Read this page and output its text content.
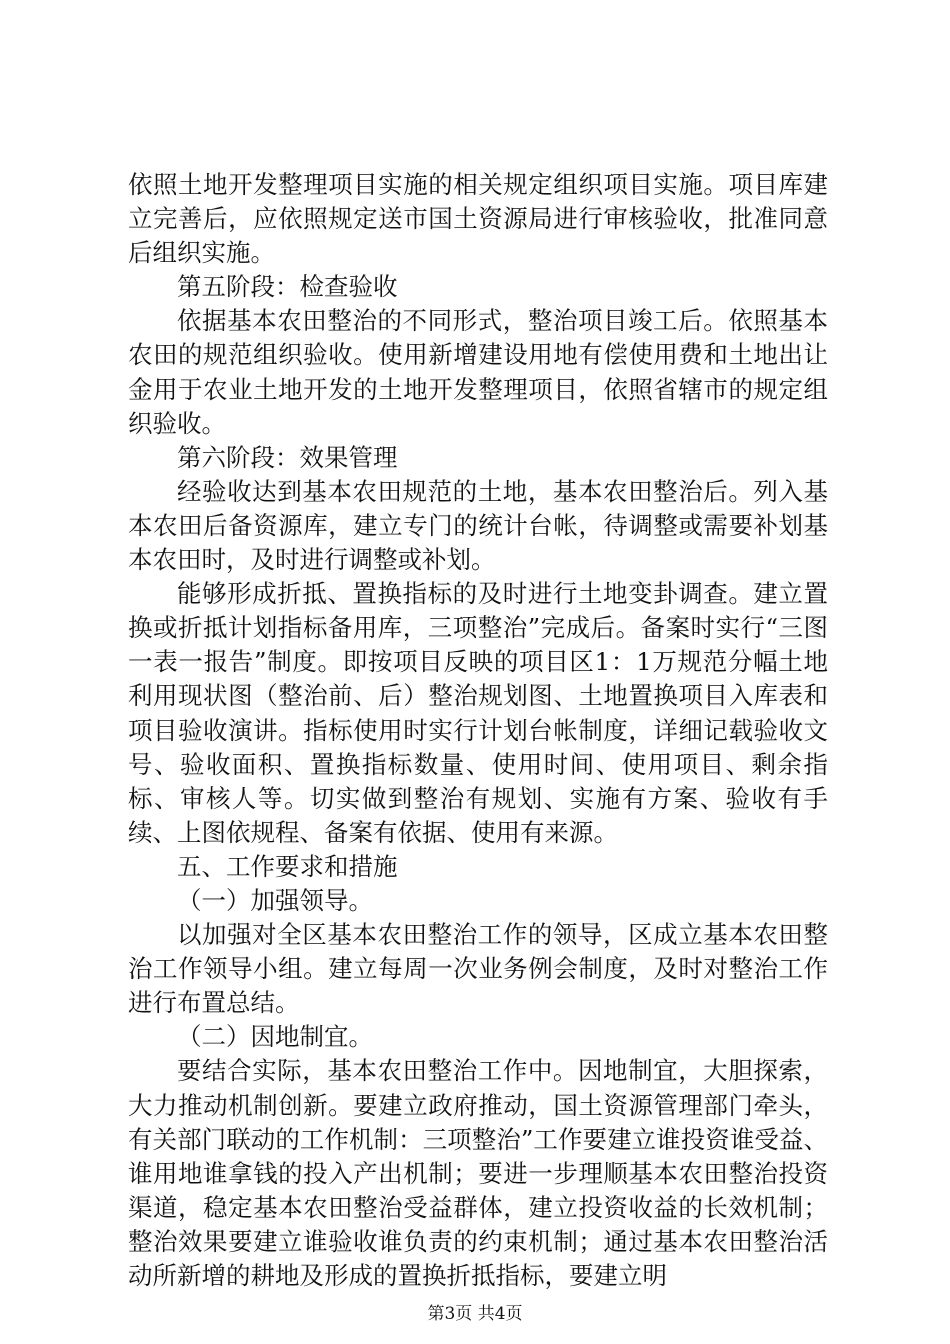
依照土地开发整理项目实施的相关规定组织项目实施。项目库建立完善后，应依照规定送市国土资源局进行审核验收，批准同意后组织实施。

第五阶段：检查验收

依据基本农田整治的不同形式，整治项目竣工后。依照基本农田的规范组织验收。使用新增建设用地有偿使用费和土地出让金用于农业土地开发的土地开发整理项目，依照省辖市的规定组织验收。

第六阶段：效果管理

经验收达到基本农田规范的土地，基本农田整治后。列入基本农田后备资源库，建立专门的统计台帐，待调整或需要补划基本农田时，及时进行调整或补划。

能够形成折抵、置换指标的及时进行土地变卦调查。建立置换或折抵计划指标备用库，三项整治”完成后。备案时实行“三图一表一报告”制度。即按项目反映的项目区1：1万规范分幅土地利用现状图（整治前、后）整治规划图、土地置换项目入库表和项目验收演讲。指标使用时实行计划台帐制度，详细记载验收文号、验收面积、置换指标数量、使用时间、使用项目、剩余指标、审核人等。切实做到整治有规划、实施有方案、验收有手续、上图依规程、备案有依据、使用有来源。

五、工作要求和措施

（一）加强领导。

以加强对全区基本农田整治工作的领导，区成立基本农田整治工作领导小组。建立每周一次业务例会制度，及时对整治工作进行布置总结。

（二）因地制宜。

要结合实际，基本农田整治工作中。因地制宜，大胆探索，大力推动机制创新。要建立政府推动，国土资源管理部门牵头，有关部门联动的工作机制：三项整治”工作要建立谁投资谁受益、谁用地谁拿钱的投入产出机制；要进一步理顺基本农田整治投资渠道，稳定基本农田整治受益群体，建立投资收益的长效机制；整治效果要建立谁验收谁负责的约束机制；通过基本农田整治活动所新增的耕地及形成的置换折抵指标，要建立明

第3页 共4页
